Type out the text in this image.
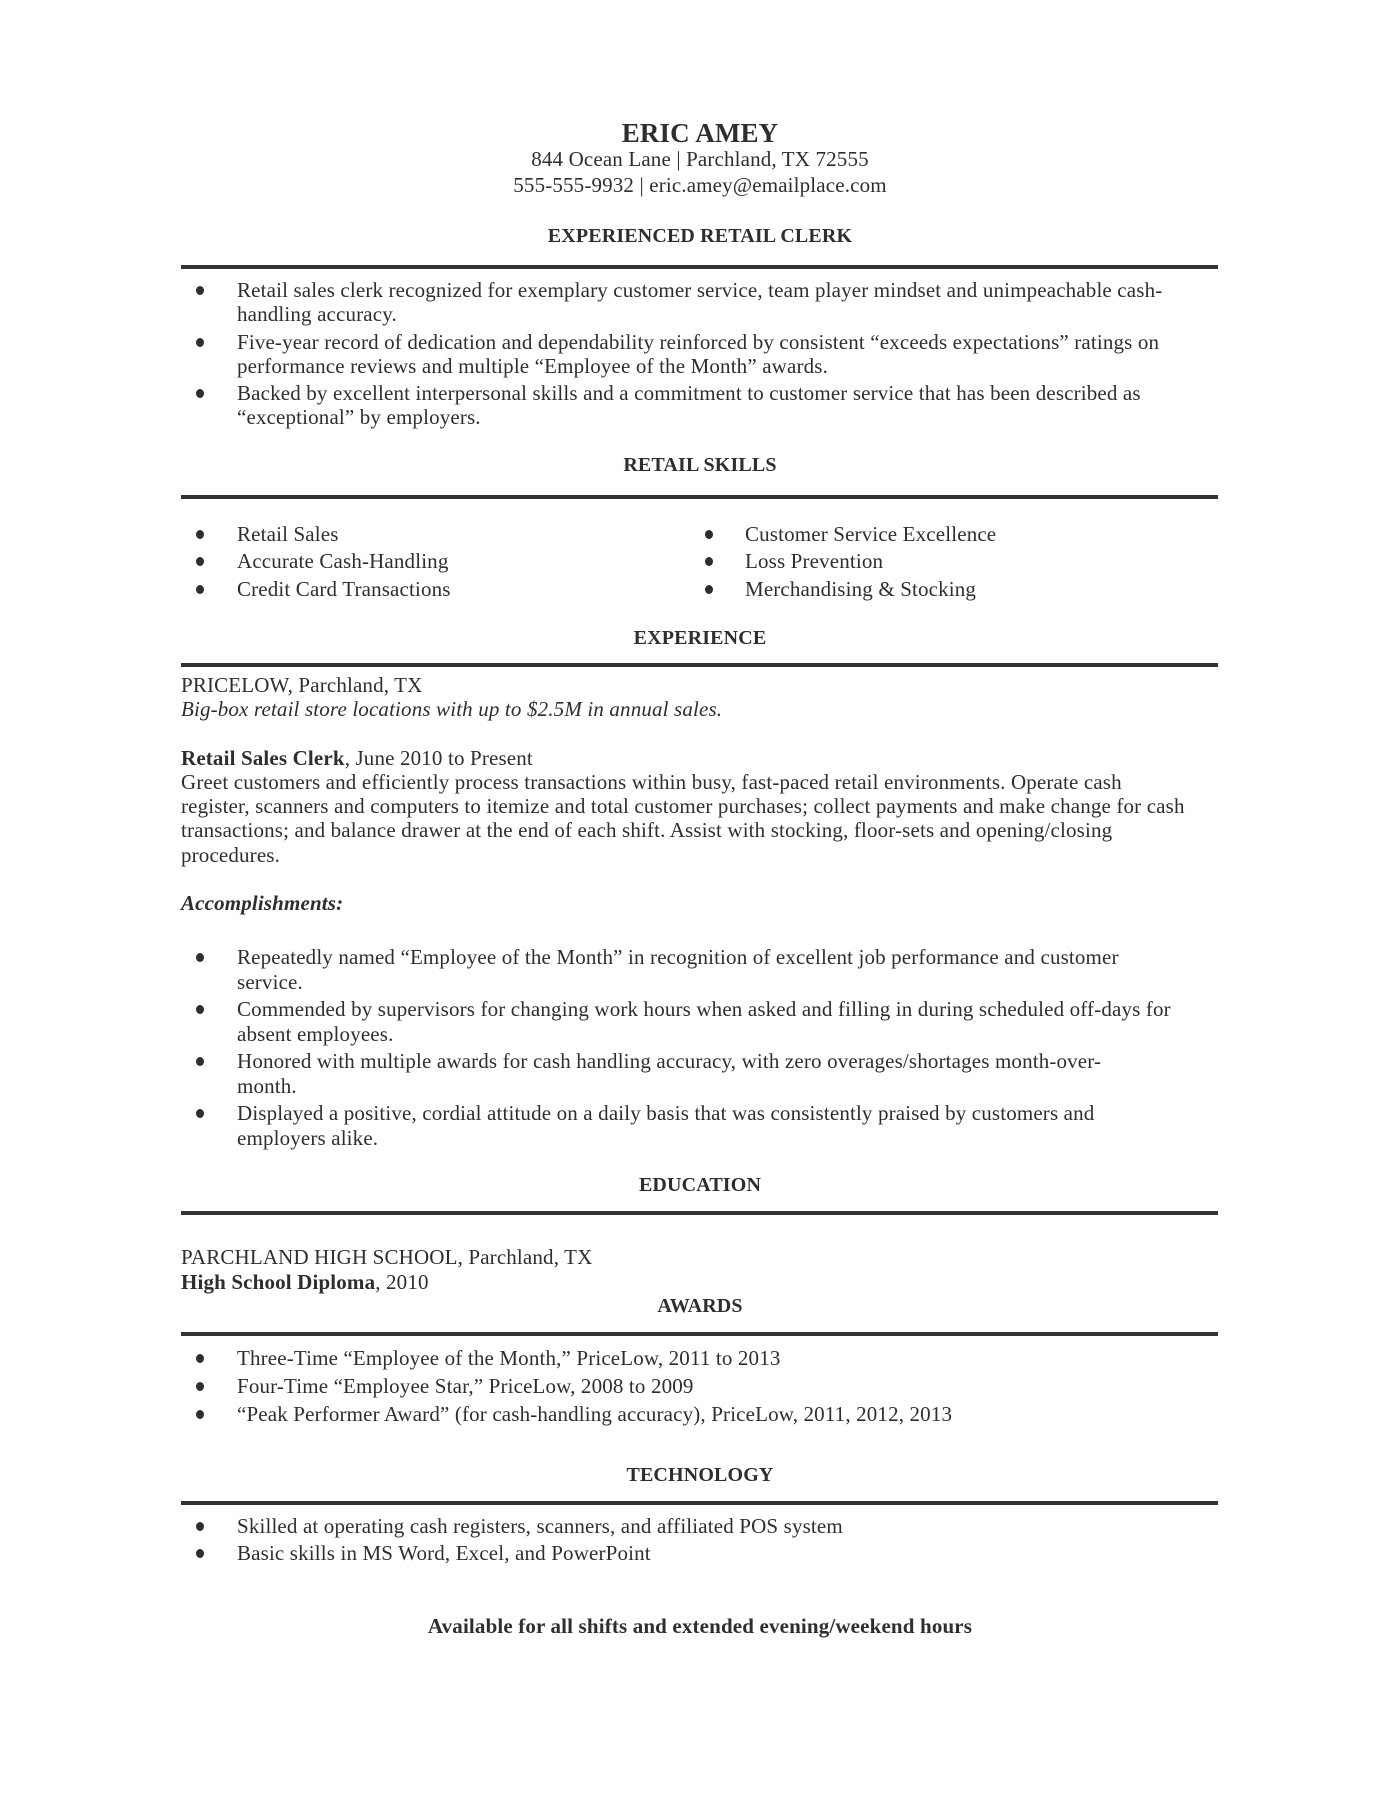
ERIC AMEY
844 Ocean Lane | Parchland, TX 72555
555-555-9932 | eric.amey@emailplace.com
EXPERIENCED RETAIL CLERK
Retail sales clerk recognized for exemplary customer service, team player mindset and unimpeachable cash-
handling accuracy.
Five-year record of dedication and dependability reinforced by consistent “exceeds expectations” ratings on
performance reviews and multiple “Employee of the Month” awards.
Backed by excellent interpersonal skills and a commitment to customer service that has been described as
“exceptional” by employers.
RETAIL SKILLS
Retail Sales
Accurate Cash-Handling
Credit Card Transactions
Customer Service Excellence
Loss Prevention
Merchandising & Stocking
EXPERIENCE
PRICELOW, Parchland, TX
Big-box retail store locations with up to $2.5M in annual sales.
Retail Sales Clerk, June 2010 to Present
Greet customers and efficiently process transactions within busy, fast-paced retail environments. Operate cash
register, scanners and computers to itemize and total customer purchases; collect payments and make change for cash
transactions; and balance drawer at the end of each shift. Assist with stocking, floor-sets and opening/closing
procedures.
Accomplishments:
Repeatedly named “Employee of the Month” in recognition of excellent job performance and customer
service.
Commended by supervisors for changing work hours when asked and filling in during scheduled off-days for
absent employees.
Honored with multiple awards for cash handling accuracy, with zero overages/shortages month-over-
month.
Displayed a positive, cordial attitude on a daily basis that was consistently praised by customers and
employers alike.
EDUCATION
PARCHLAND HIGH SCHOOL, Parchland, TX
High School Diploma, 2010
AWARDS
Three-Time “Employee of the Month,” PriceLow, 2011 to 2013
Four-Time “Employee Star,” PriceLow, 2008 to 2009
“Peak Performer Award” (for cash-handling accuracy), PriceLow, 2011, 2012, 2013
TECHNOLOGY
Skilled at operating cash registers, scanners, and affiliated POS system
Basic skills in MS Word, Excel, and PowerPoint
Available for all shifts and extended evening/weekend hours
